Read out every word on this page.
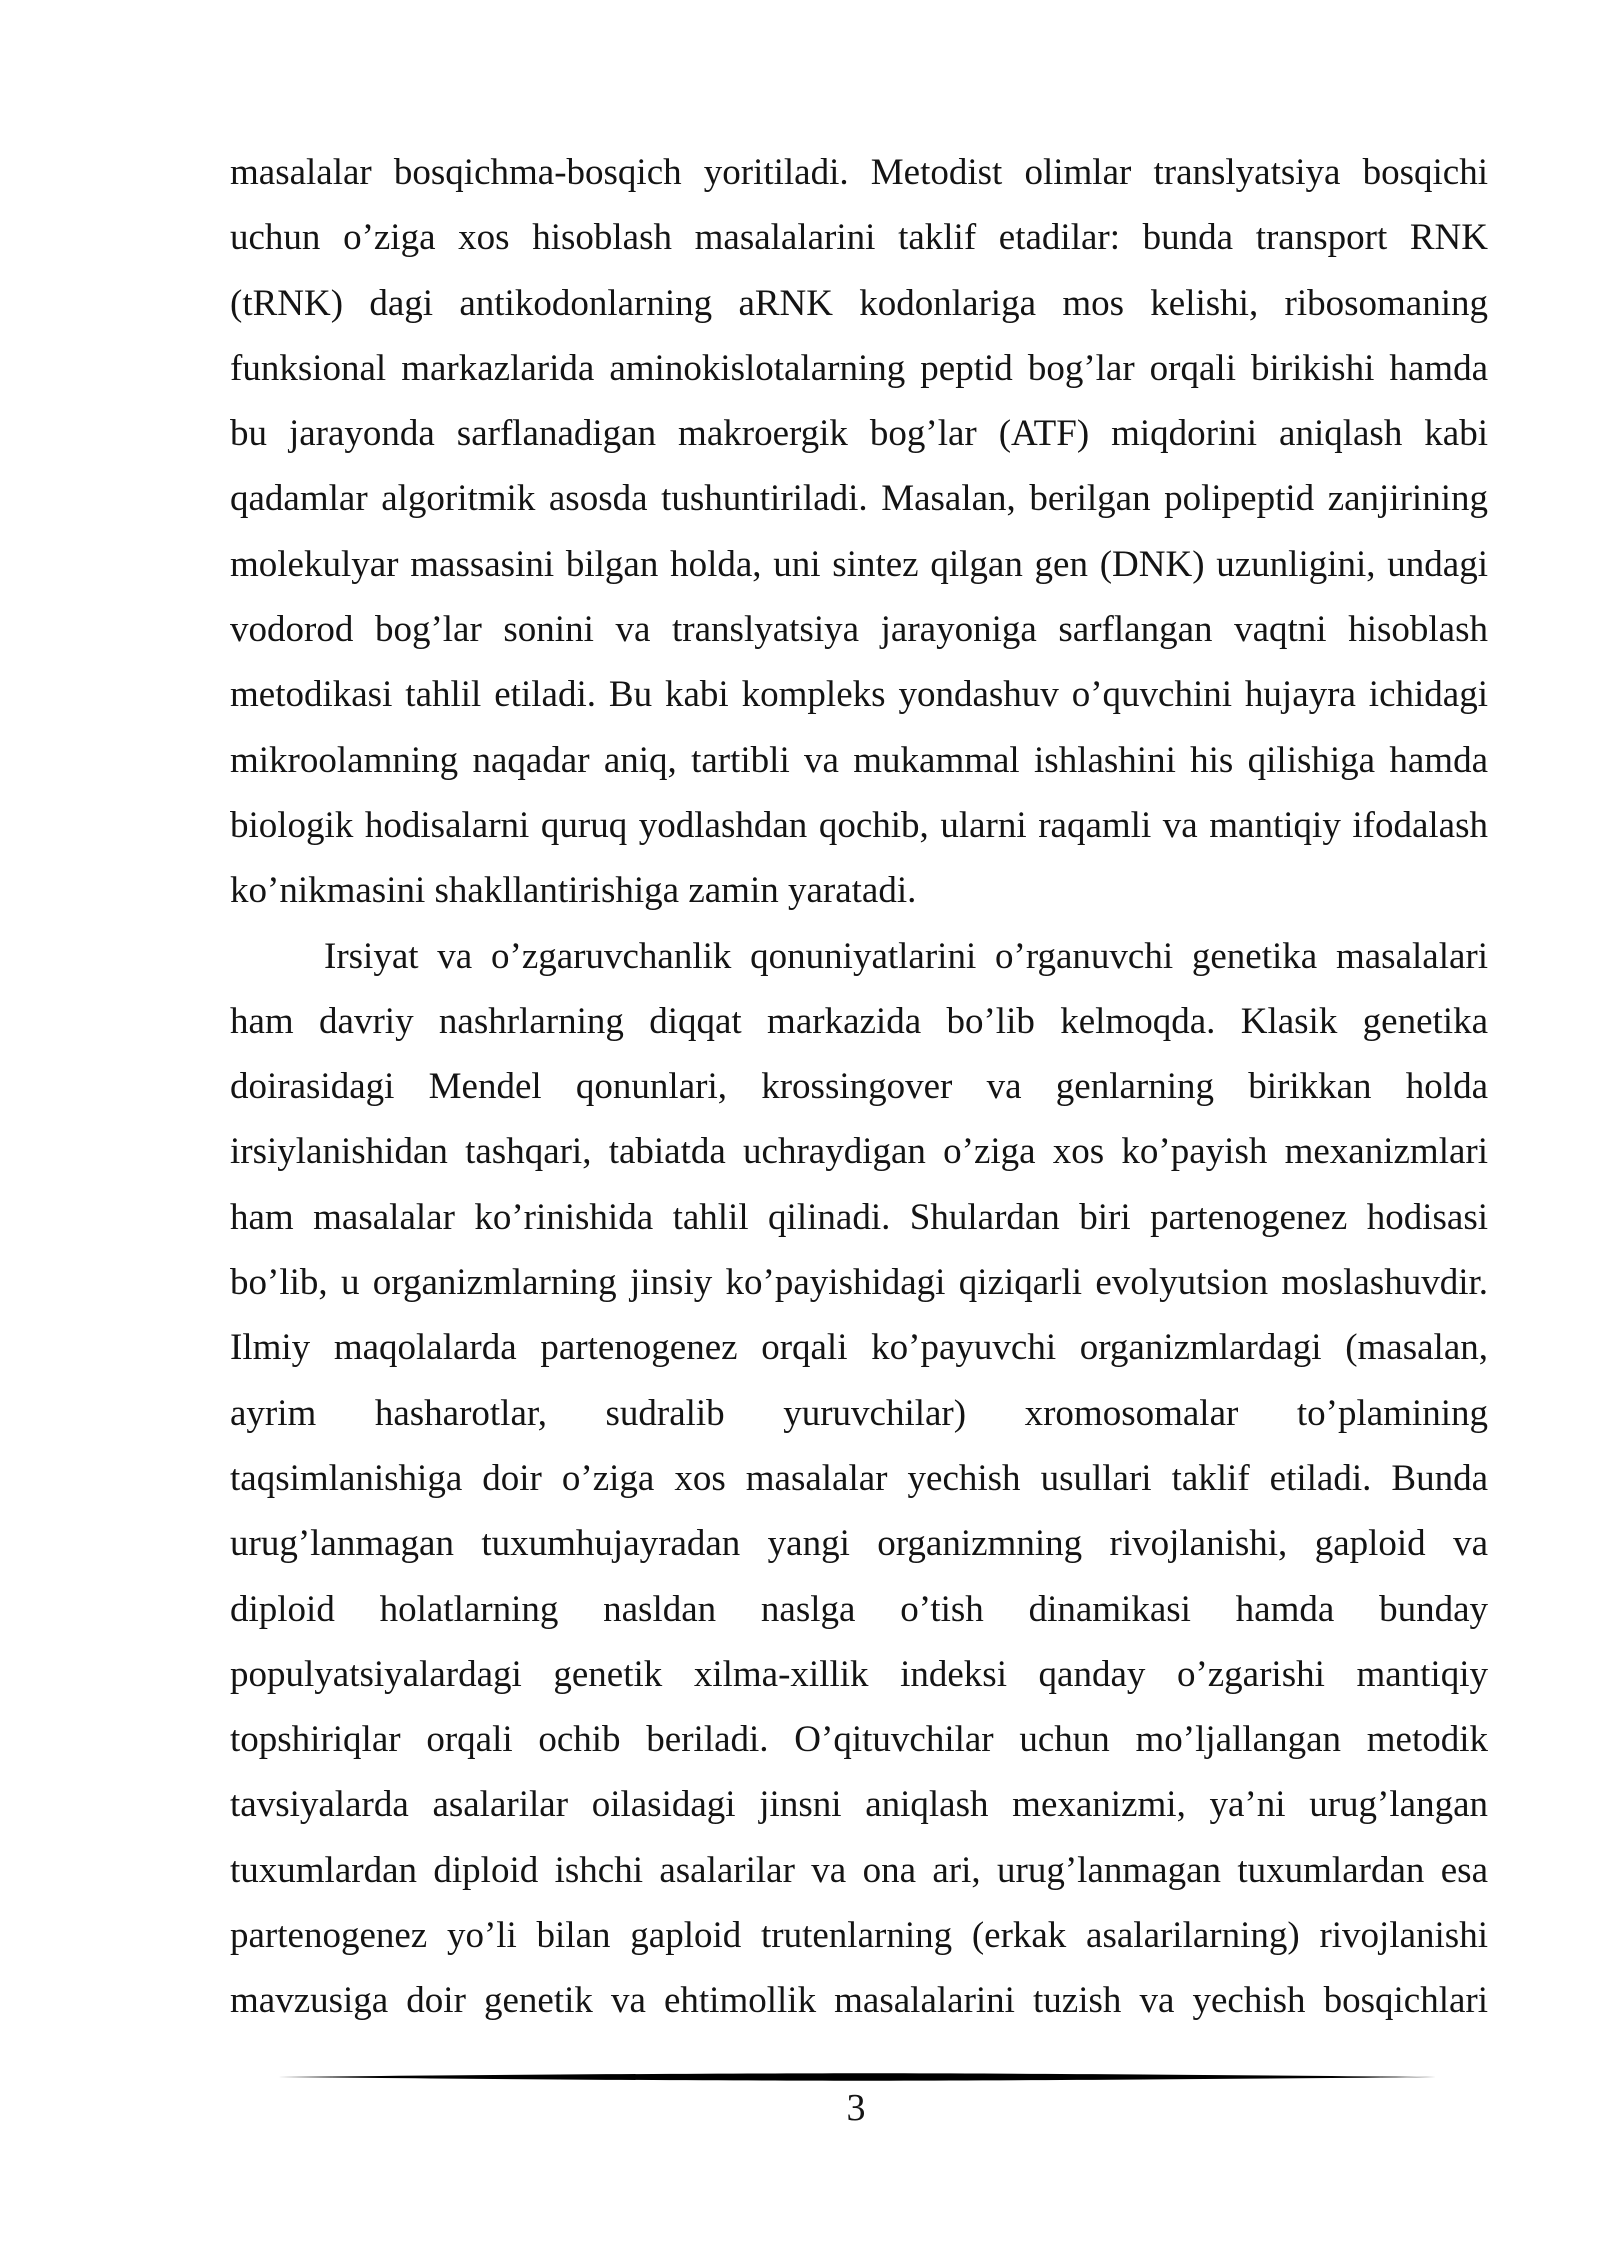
masalalar bosqichma-bosqich yoritiladi. Metodist olimlar translyatsiya bosqichi
uchun o’ziga xos hisoblash masalalarini taklif etadilar: bunda transport RNK
(tRNK) dagi antikodonlarning aRNK kodonlariga mos kelishi, ribosomaning
funksional markazlarida aminokislotalarning peptid bog’lar orqali birikishi hamda
bu jarayonda sarflanadigan makroergik bog’lar (ATF) miqdorini aniqlash kabi
qadamlar algoritmik asosda tushuntiriladi. Masalan, berilgan polipeptid zanjirining
molekulyar massasini bilgan holda, uni sintez qilgan gen (DNK) uzunligini, undagi
vodorod bog’lar sonini va translyatsiya jarayoniga sarflangan vaqtni hisoblash
metodikasi tahlil etiladi. Bu kabi kompleks yondashuv o’quvchini hujayra ichidagi
mikroolamning naqadar aniq, tartibli va mukammal ishlashini his qilishiga hamda
biologik hodisalarni quruq yodlashdan qochib, ularni raqamli va mantiqiy ifodalash
ko’nikmasini shakllantirishiga zamin yaratadi.
Irsiyat va o’zgaruvchanlik qonuniyatlarini o’rganuvchi genetika masalalari
ham davriy nashrlarning diqqat markazida bo’lib kelmoqda. Klasik genetika
doirasidagi Mendel qonunlari, krossingover va genlarning birikkan holda
irsiylanishidan tashqari, tabiatda uchraydigan o’ziga xos ko’payish mexanizmlari
ham masalalar ko’rinishida tahlil qilinadi. Shulardan biri partenogenez hodisasi
bo’lib, u organizmlarning jinsiy ko’payishidagi qiziqarli evolyutsion moslashuvdir.
Ilmiy maqolalarda partenogenez orqali ko’payuvchi organizmlardagi (masalan,
ayrim hasharotlar, sudralib yuruvchilar) xromosomalar to’plamining
taqsimlanishiga doir o’ziga xos masalalar yechish usullari taklif etiladi. Bunda
urug’lanmagan tuxumhujayradan yangi organizmning rivojlanishi, gaploid va
diploid holatlarning nasldan naslga o’tish dinamikasi hamda bunday
populyatsiyalardagi genetik xilma-xillik indeksi qanday o’zgarishi mantiqiy
topshiriqlar orqali ochib beriladi. O’qituvchilar uchun mo’ljallangan metodik
tavsiyalarda asalarilar oilasidagi jinsni aniqlash mexanizmi, ya’ni urug’langan
tuxumlardan diploid ishchi asalarilar va ona ari, urug’lanmagan tuxumlardan esa
partenogenez yo’li bilan gaploid trutenlarning (erkak asalarilarning) rivojlanishi
mavzusiga doir genetik va ehtimollik masalalarini tuzish va yechish bosqichlari
3
